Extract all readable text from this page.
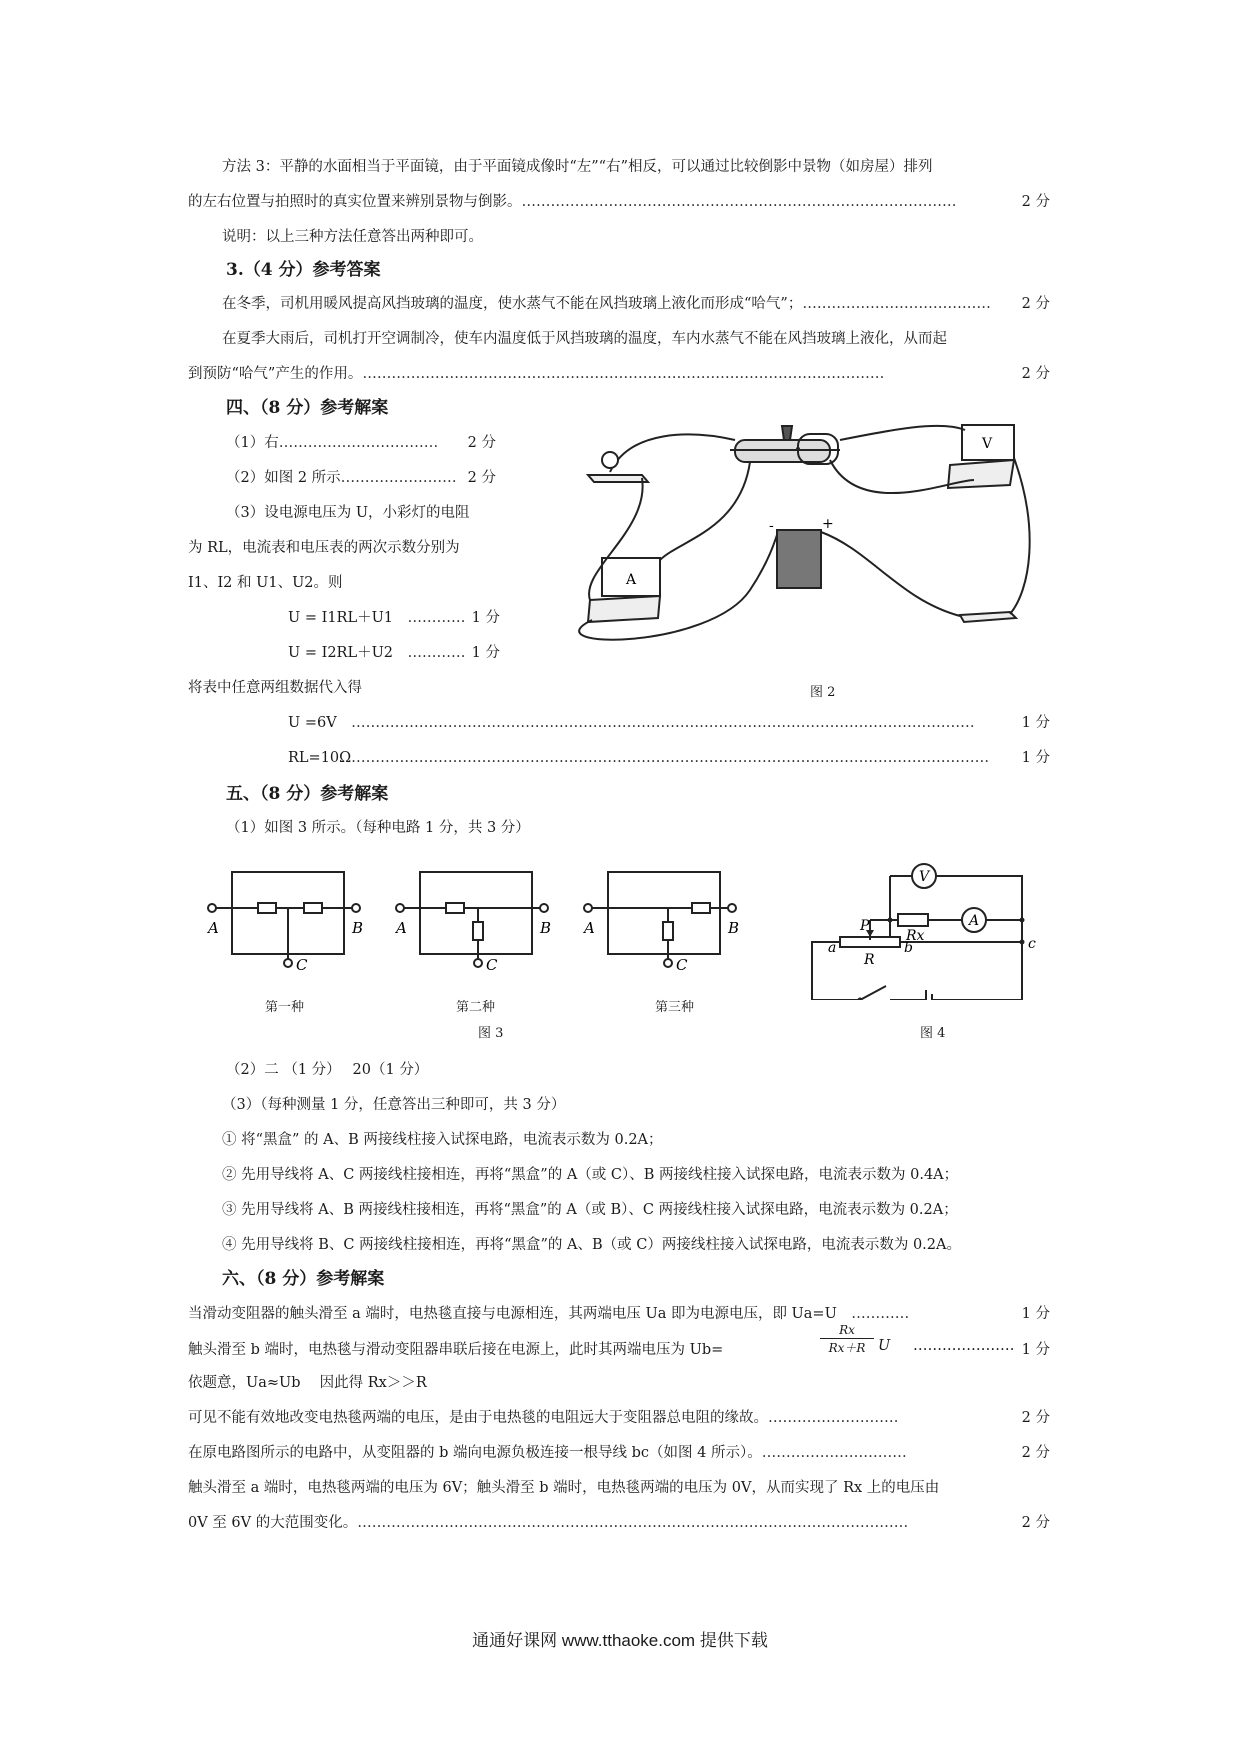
方法 3：平静的水面相当于平面镜，由于平面镜成像时“左”“右”相反，可以通过比较倒影中景物（如房屋）排列
的左右位置与拍照时的真实位置来辨别景物与倒影。………………………………………………………………………………	2 分
说明：以上三种方法任意答出两种即可。
3.（4 分）参考答案
在冬季，司机用暖风提高风挡玻璃的温度，使水蒸气不能在风挡玻璃上液化而形成“哈气”；………………………………… 2 分
在夏季大雨后，司机打开空调制冷，使车内温度低于风挡玻璃的温度，车内水蒸气不能在风挡玻璃上液化，从而起
到预防“哈气”产生的作用。………………………………………………………………………………………………	2 分
四、（8 分）参考解案
（1）右…………………………… 2 分
（2）如图 2 所示…………………… 2 分
（3）设电源电压为 U，小彩灯的电阻
为 RL，电流表和电压表的两次示数分别为
I1、I2 和 U1、U2。则
U = I1RL＋U1　………… 1 分
U = I2RL＋U2　………… 1 分
将表中任意两组数据代入得
U =6V　…………………………………………………………………………………………………………………	1 分
RL=10Ω…………………………………………………………………………………………………………………… 1 分
V
A
-	+
图 2
五、（8 分）参考解案
（1）如图 3 所示。（每种电路 1 分，共 3 分）
A	B
C
A	B
C
A	B
C
第一种	第二种	第三种
图 3
V
A
Rx
P
a
R
b	c
图 4
（2）二 （1 分）　 20（1 分）
（3）（每种测量 1 分，任意答出三种即可，共 3 分）
① 将“黑盒” 的 A、B 两接线柱接入试探电路，电流表示数为 0.2A；
② 先用导线将 A、C 两接线柱接相连，再将“黑盒”的 A（或 C）、B 两接线柱接入试探电路，电流表示数为 0.4A；
③ 先用导线将 A、B 两接线柱接相连，再将“黑盒”的 A（或 B）、C 两接线柱接入试探电路，电流表示数为 0.2A；
④ 先用导线将 B、C 两接线柱接相连，再将“黑盒”的 A、B（或 C）两接线柱接入试探电路，电流表示数为 0.2A。
六、（8 分）参考解案
当滑动变阻器的触头滑至 a 端时，电热毯直接与电源相连，其两端电压 Ua 即为电源电压，即 Ua=U　…………	1 分
触头滑至 b 端时，电热毯与滑动变阻器串联后接在电源上，此时其两端电压为 Ub=
Rx
Rx＋R U ………………… 1 分
依题意，Ua≈Ub　 因此得 Rx＞＞R
可见不能有效地改变电热毯两端的电压，是由于电热毯的电阻远大于变阻器总电阻的缘故。………………………	2 分
在原电路图所示的电路中，从变阻器的 b 端向电源负极连接一根导线 bc（如图 4 所示）。…………………………	2 分
触头滑至 a 端时，电热毯两端的电压为 6V；触头滑至 b 端时，电热毯两端的电压为 0V，从而实现了 Rx 上的电压由
0V 至 6V 的大范围变化。……………………………………………………………………………………………………	2 分
通通好课网 www.tthaoke.com 提供下载
